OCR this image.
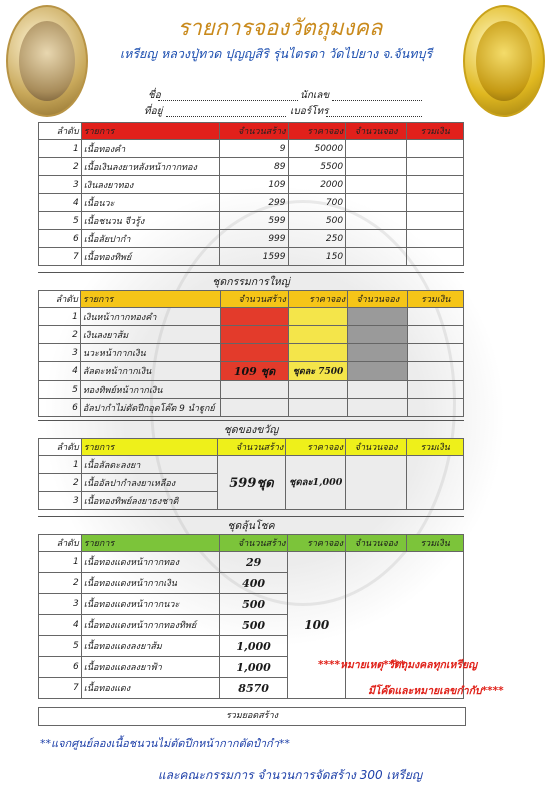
รายการจองวัตถุมงคล
เหรียญ หลวงปู่ทวด ปุญญสิริ รุ่นไตรดา วัดไปยาง จ.จันทบุรี
ชื่อ	นักเลข
ที่อยู่	เบอร์โทร
ลำดับ	รายการ	จำนวนสร้าง	ราคาจอง	จำนวนจอง	รวมเงิน
1	เนื้อทองคำ	9	50000		
2	เนื้อเงินลงยาหลังหน้ากากทอง	89	5500		
3	เงินลงยาทอง	109	2000		
4	เนื้อนวะ	299	700		
5	เนื้อชนวน จีวรู้ง	599	500		
6	เนื้อลัยปากำ	999	250		
7	เนื้อทองทิพย์	1599	150		
ชุดกรรมการใหญ่
ลำดับ	รายการ	จำนวนสร้าง	ราคาจอง	จำนวนจอง	รวมเงิน
1	เงินหน้ากากทองคำ				
2	เงินลงยาส้ม				
3	นวะหน้ากากเงิน				
4	ลัลดะหน้ากากเงิน	109 ชุด	ชุดละ 7500		
5	ทองทิพย์หน้ากากเงิน				
6	อัลปากำไม่ตัดปีกอุดโค๊ต 9 นำฐูกย์				
ชุดของขวัญ
ลำดับ	รายการ	จำนวนสร้าง	ราคาจอง	จำนวนจอง	รวมเงิน
1	เนื้อลัลดะลงยา	599ชุด	ชุดละ1,000		
2	เนื้ออัลปากำลงยาเหลือง				
3	เนื้อทองทิพย์ลงยาธงชาติ				
ชุดลุ้นโชค
ลำดับ	รายการ	จำนวนสร้าง	ราคาจอง	จำนวนจอง	รวมเงิน
1	เนื้อทองแดงหน้ากากทอง	29	100		
2	เนื้อทองแดงหน้ากากเงิน	400			
3	เนื้อทองแดงหน้ากากนวะ	500			
4	เนื้อทองแดงหน้ากากทองทิพย์	500			
5	เนื้อทองแดงลงยาส้ม	1,000			
6	เนื้อทองแดงลงยาฟ้า	1,000			
7	เนื้อทองแดง	8570			
****หมายเหตุ****
วัตถุมงคลทุกเหรียญ
มีโค๊ดและหมายเลขกำกับ****
รวมยอดสร้าง
**แจกศูนย์ลองเนื้อชนวนไม่ตัดปีกหน้ากากตัดปำกำ**
และคณะกรรมการ จำนวนการจัดสร้าง 300 เหรียญ
